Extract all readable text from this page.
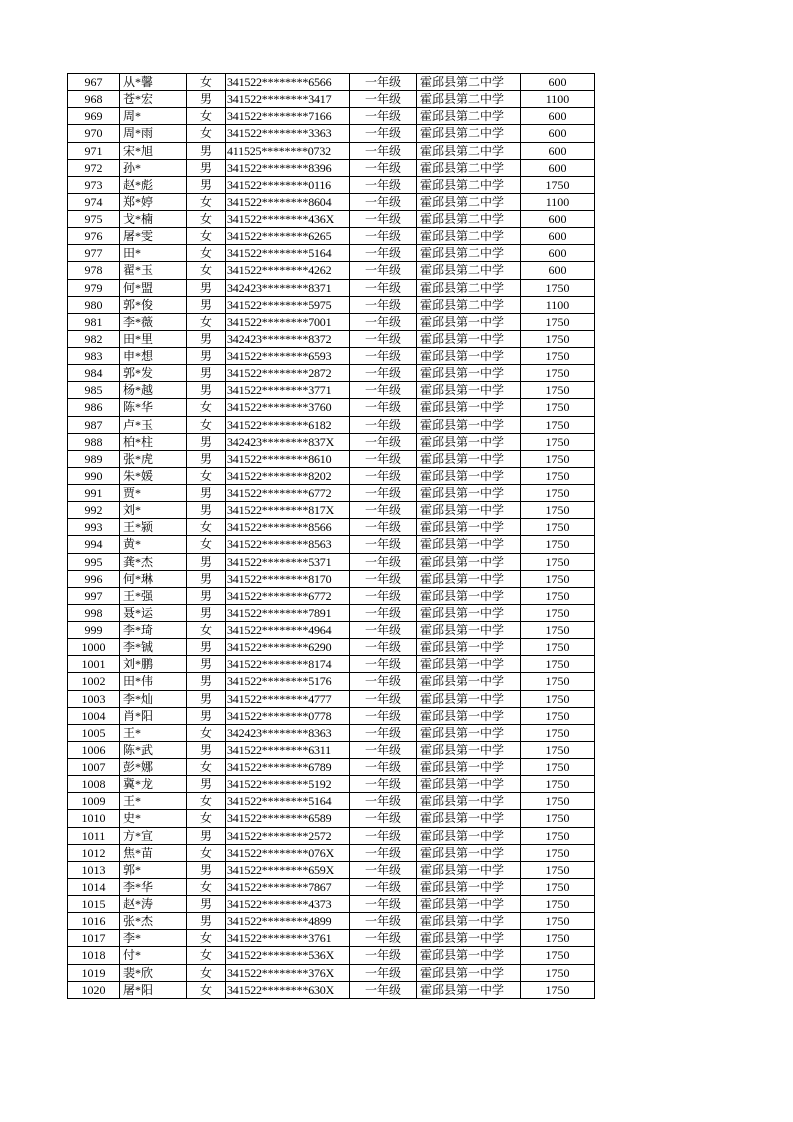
967	从*馨	女	341522********6566	一年级	霍邱县第二中学	600
968	苍*宏	男	341522********3417	一年级	霍邱县第二中学	1100
969	周*	女	341522********7166	一年级	霍邱县第二中学	600
970	周*雨	女	341522********3363	一年级	霍邱县第二中学	600
971	宋*旭	男	411525********0732	一年级	霍邱县第二中学	600
972	孙*	男	341522********8396	一年级	霍邱县第二中学	600
973	赵*彪	男	341522********0116	一年级	霍邱县第二中学	1750
974	郑*婷	女	341522********8604	一年级	霍邱县第二中学	1100
975	戈*楠	女	341522********436X	一年级	霍邱县第二中学	600
976	屠*雯	女	341522********6265	一年级	霍邱县第二中学	600
977	田*	女	341522********5164	一年级	霍邱县第二中学	600
978	翟*玉	女	341522********4262	一年级	霍邱县第二中学	600
979	何*盟	男	342423********8371	一年级	霍邱县第二中学	1750
980	郭*俊	男	341522********5975	一年级	霍邱县第二中学	1100
981	李*薇	女	341522********7001	一年级	霍邱县第一中学	1750
982	田*里	男	342423********8372	一年级	霍邱县第一中学	1750
983	申*想	男	341522********6593	一年级	霍邱县第一中学	1750
984	郭*发	男	341522********2872	一年级	霍邱县第一中学	1750
985	杨*越	男	341522********3771	一年级	霍邱县第一中学	1750
986	陈*华	女	341522********3760	一年级	霍邱县第一中学	1750
987	卢*玉	女	341522********6182	一年级	霍邱县第一中学	1750
988	柏*柱	男	342423********837X	一年级	霍邱县第一中学	1750
989	张*虎	男	341522********8610	一年级	霍邱县第一中学	1750
990	朱*媛	女	341522********8202	一年级	霍邱县第一中学	1750
991	贾*	男	341522********6772	一年级	霍邱县第一中学	1750
992	刘*	男	341522********817X	一年级	霍邱县第一中学	1750
993	王*颍	女	341522********8566	一年级	霍邱县第一中学	1750
994	黄*	女	341522********8563	一年级	霍邱县第一中学	1750
995	龚*杰	男	341522********5371	一年级	霍邱县第一中学	1750
996	何*琳	男	341522********8170	一年级	霍邱县第一中学	1750
997	王*强	男	341522********6772	一年级	霍邱县第一中学	1750
998	聂*运	男	341522********7891	一年级	霍邱县第一中学	1750
999	李*琦	女	341522********4964	一年级	霍邱县第一中学	1750
1000	李*铖	男	341522********6290	一年级	霍邱县第一中学	1750
1001	刘*鹏	男	341522********8174	一年级	霍邱县第一中学	1750
1002	田*伟	男	341522********5176	一年级	霍邱县第一中学	1750
1003	李*灿	男	341522********4777	一年级	霍邱县第一中学	1750
1004	肖*阳	男	341522********0778	一年级	霍邱县第一中学	1750
1005	王*	女	342423********8363	一年级	霍邱县第一中学	1750
1006	陈*武	男	341522********6311	一年级	霍邱县第一中学	1750
1007	彭*娜	女	341522********6789	一年级	霍邱县第一中学	1750
1008	冀*龙	男	341522********5192	一年级	霍邱县第一中学	1750
1009	王*	女	341522********5164	一年级	霍邱县第一中学	1750
1010	史*	女	341522********6589	一年级	霍邱县第一中学	1750
1011	方*宣	男	341522********2572	一年级	霍邱县第一中学	1750
1012	焦*苗	女	341522********076X	一年级	霍邱县第一中学	1750
1013	郭*	男	341522********659X	一年级	霍邱县第一中学	1750
1014	李*华	女	341522********7867	一年级	霍邱县第一中学	1750
1015	赵*涛	男	341522********4373	一年级	霍邱县第一中学	1750
1016	张*杰	男	341522********4899	一年级	霍邱县第一中学	1750
1017	李*	女	341522********3761	一年级	霍邱县第一中学	1750
1018	付*	女	341522********536X	一年级	霍邱县第一中学	1750
1019	裴*欣	女	341522********376X	一年级	霍邱县第一中学	1750
1020	屠*阳	女	341522********630X	一年级	霍邱县第一中学	1750
